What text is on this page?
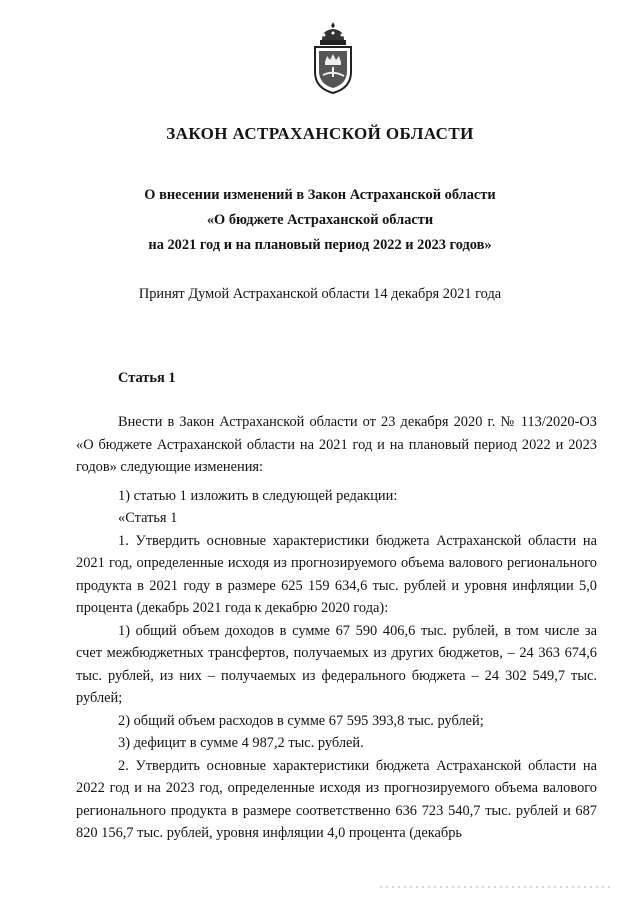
ЗАКОН АСТРАХАНСКОЙ ОБЛАСТИ
О внесении изменений в Закон Астраханской области
«О бюджете Астраханской области
на 2021 год и на плановый период 2022 и 2023 годов»
Принят Думой Астраханской области 14 декабря 2021 года
Статья 1

Внести в Закон Астраханской области от 23 декабря 2020 г. № 113/2020-ОЗ «О бюджете Астраханской области на 2021 год и на плановый период 2022 и 2023 годов» следующие изменения:

1) статью 1 изложить в следующей редакции:

«Статья 1

1. Утвердить основные характеристики бюджета Астраханской области на 2021 год, определенные исходя из прогнозируемого объема валового регионального продукта в 2021 году в размере 625 159 634,6 тыс. рублей и уровня инфляции 5,0 процента (декабрь 2021 года к декабрю 2020 года):

1) общий объем доходов в сумме 67 590 406,6 тыс. рублей, в том числе за счет межбюджетных трансфертов, получаемых из других бюджетов, – 24 363 674,6 тыс. рублей, из них – получаемых из федерального бюджета – 24 302 549,7 тыс. рублей;

2) общий объем расходов в сумме 67 595 393,8 тыс. рублей;

3) дефицит в сумме 4 987,2 тыс. рублей.

2. Утвердить основные характеристики бюджета Астраханской области на 2022 год и на 2023 год, определенные исходя из прогнозируемого объема валового регионального продукта в размере соответственно 636 723 540,7 тыс. рублей и 687 820 156,7 тыс. рублей, уровня инфляции 4,0 процента (декабрь
